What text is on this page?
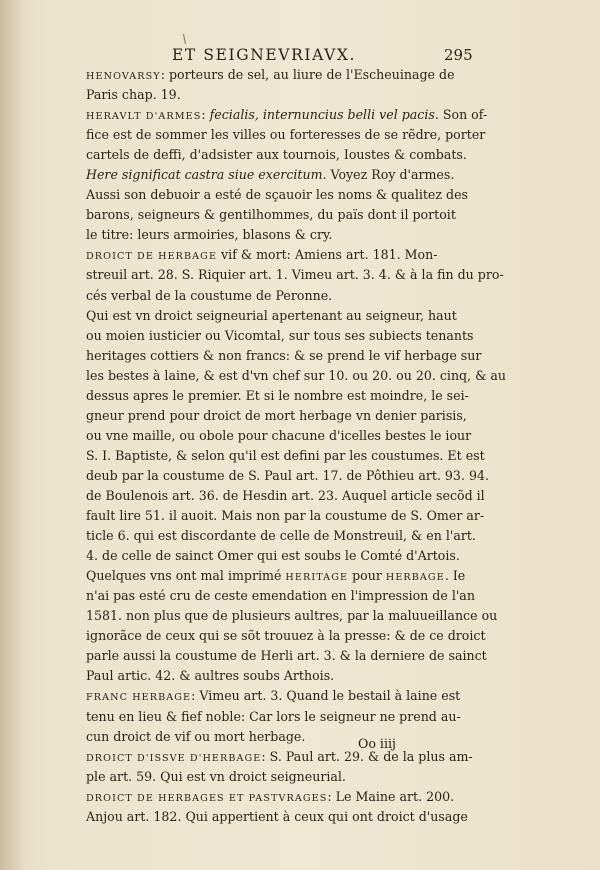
ET SEIGNEVRIAVX.	295
HENOVARSY: porteurs de sel, au liure de l'Escheuinage de
Paris chap. 19.
HERAVLT D'ARMES: fecialis, internuncius belli vel pacis. Son of-
fice est de sommer les villes ou forteresses de se rẽdre, porter
cartels de deffi, d'adsister aux tournois, Ioustes & combats.
Here significat castra siue exercitum. Voyez Roy d'armes.
Aussi son debuoir a esté de sçauoir les noms & qualitez des
barons, seigneurs & gentilhommes, du païs dont il portoit
le titre: leurs armoiries, blasons & cry.
DROICT DE HERBAGE vif & mort: Amiens art. 181. Mon-
streuil art. 28. S. Riquier art. 1. Vimeu art. 3. 4. & à la fin du pro-
cés verbal de la coustume de Peronne.
Qui est vn droict seigneurial apertenant au seigneur, haut
ou moien iusticier ou Vicomtal, sur tous ses subiects tenants
heritages cottiers & non francs: & se prend le vif herbage sur
les bestes à laine, & est d'vn chef sur 10. ou 20. ou 20. cinq, & au
dessus apres le premier. Et si le nombre est moindre, le sei-
gneur prend pour droict de mort herbage vn denier parisis,
ou vne maille, ou obole pour chacune d'icelles bestes le iour
S. I. Baptiste, & selon qu'il est defini par les coustumes. Et est
deub par la coustume de S. Paul art. 17. de Pôthieu art. 93. 94.
de Boulenois art. 36. de Hesdin art. 23. Auquel article secõd il
fault lire 51. il auoit. Mais non par la coustume de S. Omer ar-
ticle 6. qui est discordante de celle de Monstreuil, & en l'art.
4. de celle de sainct Omer qui est soubs le Comté d'Artois.
Quelques vns ont mal imprimé HERITAGE pour HERBAGE. Ie
n'ai pas esté cru de ceste emendation en l'impression de l'an
1581. non plus que de plusieurs aultres, par la maluueillance ou
ignorãce de ceux qui se sõt trouuez à la presse: & de ce droict
parle aussi la coustume de Herli art. 3. & la derniere de sainct
Paul artic. 42. & aultres soubs Arthois.
FRANC HERBAGE: Vimeu art. 3. Quand le bestail à laine est
tenu en lieu & fief noble: Car lors le seigneur ne prend au-
cun droict de vif ou mort herbage.
DROICT D'ISSVE D'HERBAGE: S. Paul art. 29. & de la plus am-
ple art. 59. Qui est vn droict seigneurial.
DROICT DE HERBAGES ET PASTVRAGES: Le Maine art. 200.
Anjou art. 182. Qui appertient à ceux qui ont droict d'usage
Oo iiij
